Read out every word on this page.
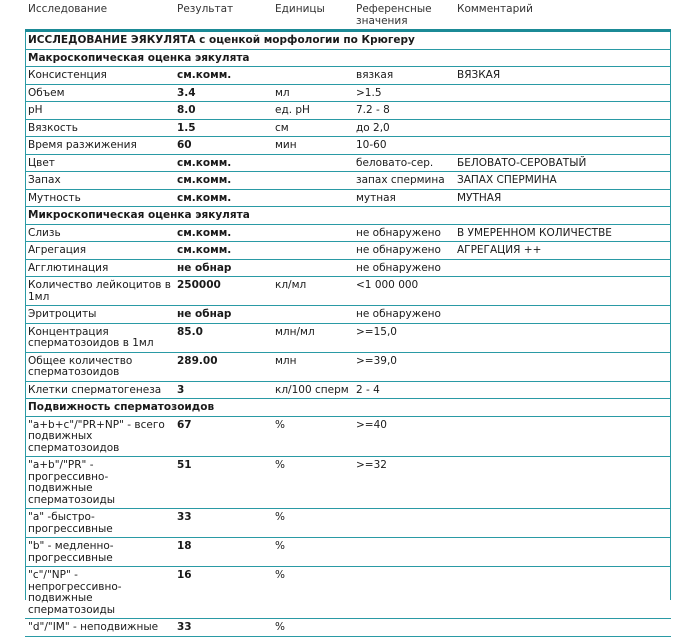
Исследование	Результат	Единицы	Референсные значения	Комментарий
ИССЛЕДОВАНИЕ ЭЯКУЛЯТА с оценкой морфологии по Крюгеру				
Макроскопическая оценка эякулята				
Консистенция	см.комм.		вязкая	ВЯЗКАЯ
Объем	3.4	мл	>1.5	
pH	8.0	ед. pH	7.2 - 8	
Вязкость	1.5	см	до 2,0	
Время разжижения	60	мин	10-60	
Цвет	см.комм.		беловато-сер.	БЕЛОВАТО-СЕРОВАТЫЙ
Запах	см.комм.		запах спермина	ЗАПАХ СПЕРМИНА
Мутность	см.комм.		мутная	МУТНАЯ
Микроскопическая оценка эякулята				
Слизь	см.комм.		не обнаружено	В УМЕРЕННОМ КОЛИЧЕСТВЕ
Агрегация	см.комм.		не обнаружено	АГРЕГАЦИЯ ++
Агглютинация	не обнар		не обнаружено	
Количество лейкоцитов в 1мл	250000	кл/мл	<1 000 000	
Эритроциты	не обнар		не обнаружено	
Концентрация сперматозоидов в 1мл	85.0	млн/мл	>=15,0	
Общее количество сперматозоидов	289.00	млн	>=39,0	
Клетки сперматогенеза	3	кл/100 сперм	2 - 4	
Подвижность сперматозоидов				
"a+b+c"/"PR+NP" - всего подвижных сперматозоидов	67	%	>=40	
"a+b"/"PR" - прогрессивно-подвижные сперматозоиды	51	%	>=32	
"a" -быстро-прогрессивные	33	%		
"b" - медленно-прогрессивные	18	%		
"c"/"NP" - непрогрессивно-подвижные сперматозоиды	16	%		
"d"/"IM" - неподвижные	33	%		
